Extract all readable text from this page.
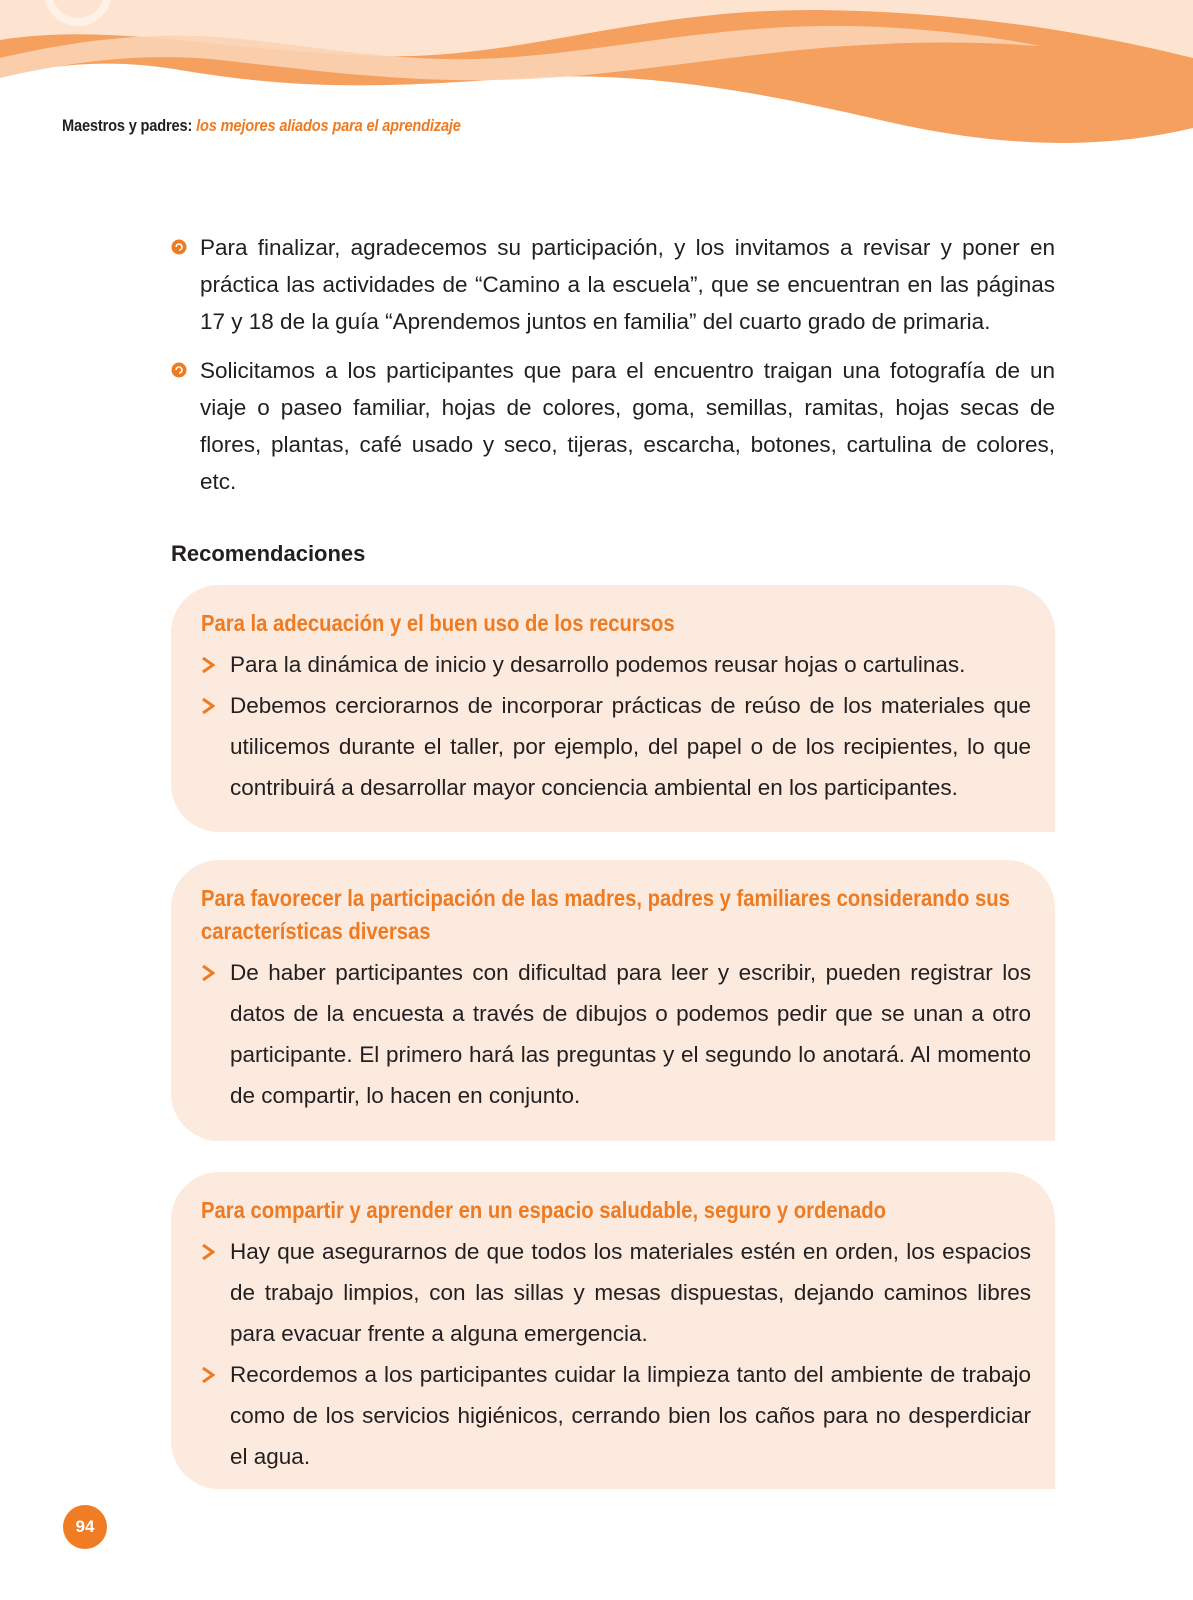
Maestros y padres: los mejores aliados para el aprendizaje
Para finalizar, agradecemos su participación, y los invitamos a revisar y poner en práctica las actividades de “Camino a la escuela”, que se encuentran en las páginas 17 y 18 de la guía “Aprendemos juntos en familia” del cuarto grado de primaria.
Solicitamos a los participantes que para el encuentro traigan una fotografía de un viaje o paseo familiar, hojas de colores, goma, semillas, ramitas, hojas secas de flores, plantas, café usado y seco, tijeras, escarcha, botones, cartulina de colores, etc.
Recomendaciones
Para la adecuación y el buen uso de los recursos
Para la dinámica de inicio y desarrollo podemos reusar hojas o cartulinas.
Debemos cerciorarnos de incorporar prácticas de reúso de los materiales que utilicemos durante el taller, por ejemplo, del papel o de los recipientes, lo que contribuirá a desarrollar mayor conciencia ambiental en los participantes.
Para favorecer la participación de las madres, padres y familiares considerando sus características diversas
De haber participantes con dificultad para leer y escribir, pueden registrar los datos de la encuesta a través de dibujos o podemos pedir que se unan a otro participante. El primero hará las preguntas y el segundo lo anotará. Al momento de compartir, lo hacen en conjunto.
Para compartir y aprender en un espacio saludable, seguro y ordenado
Hay que asegurarnos de que todos los materiales estén en orden, los espacios de trabajo limpios, con las sillas y mesas dispuestas, dejando caminos libres para evacuar frente a alguna emergencia.
Recordemos a los participantes cuidar la limpieza tanto del ambiente de trabajo como de los servicios higiénicos, cerrando bien los caños para no desperdiciar el agua.
94
